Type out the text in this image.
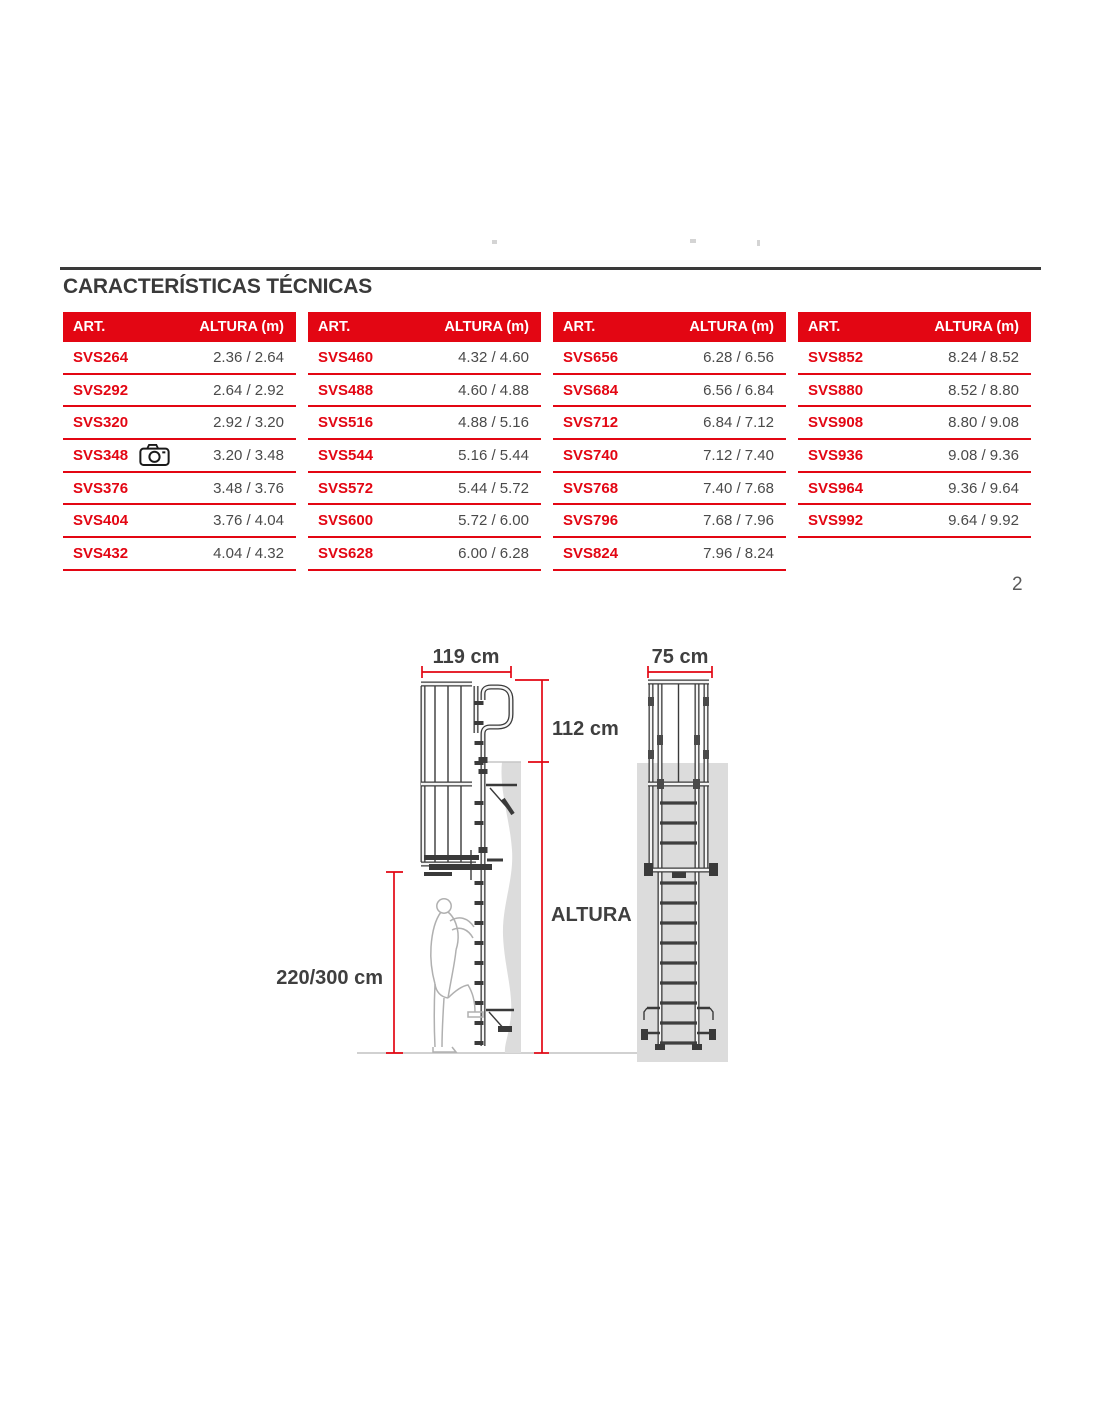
CARACTERÍSTICAS TÉCNICAS
ART.	ALTURA (m)
SVS264	2.36 / 2.64
SVS292	2.64 / 2.92
SVS320	2.92 / 3.20
SVS348	3.20 / 3.48
SVS376	3.48 / 3.76
SVS404	3.76 / 4.04
SVS432	4.04 / 4.32
ART.	ALTURA (m)
SVS460	4.32 / 4.60
SVS488	4.60 / 4.88
SVS516	4.88 / 5.16
SVS544	5.16 / 5.44
SVS572	5.44 / 5.72
SVS600	5.72 / 6.00
SVS628	6.00 / 6.28
ART.	ALTURA (m)
SVS656	6.28 / 6.56
SVS684	6.56 / 6.84
SVS712	6.84 / 7.12
SVS740	7.12 / 7.40
SVS768	7.40 / 7.68
SVS796	7.68 / 7.96
SVS824	7.96 / 8.24
ART.	ALTURA (m)
SVS852	8.24 / 8.52
SVS880	8.52 / 8.80
SVS908	8.80 / 9.08
SVS936	9.08 / 9.36
SVS964	9.36 / 9.64
SVS992	9.64 / 9.92
2
119 cm	75 cm
112 cm
ALTURA
220/300 cm
